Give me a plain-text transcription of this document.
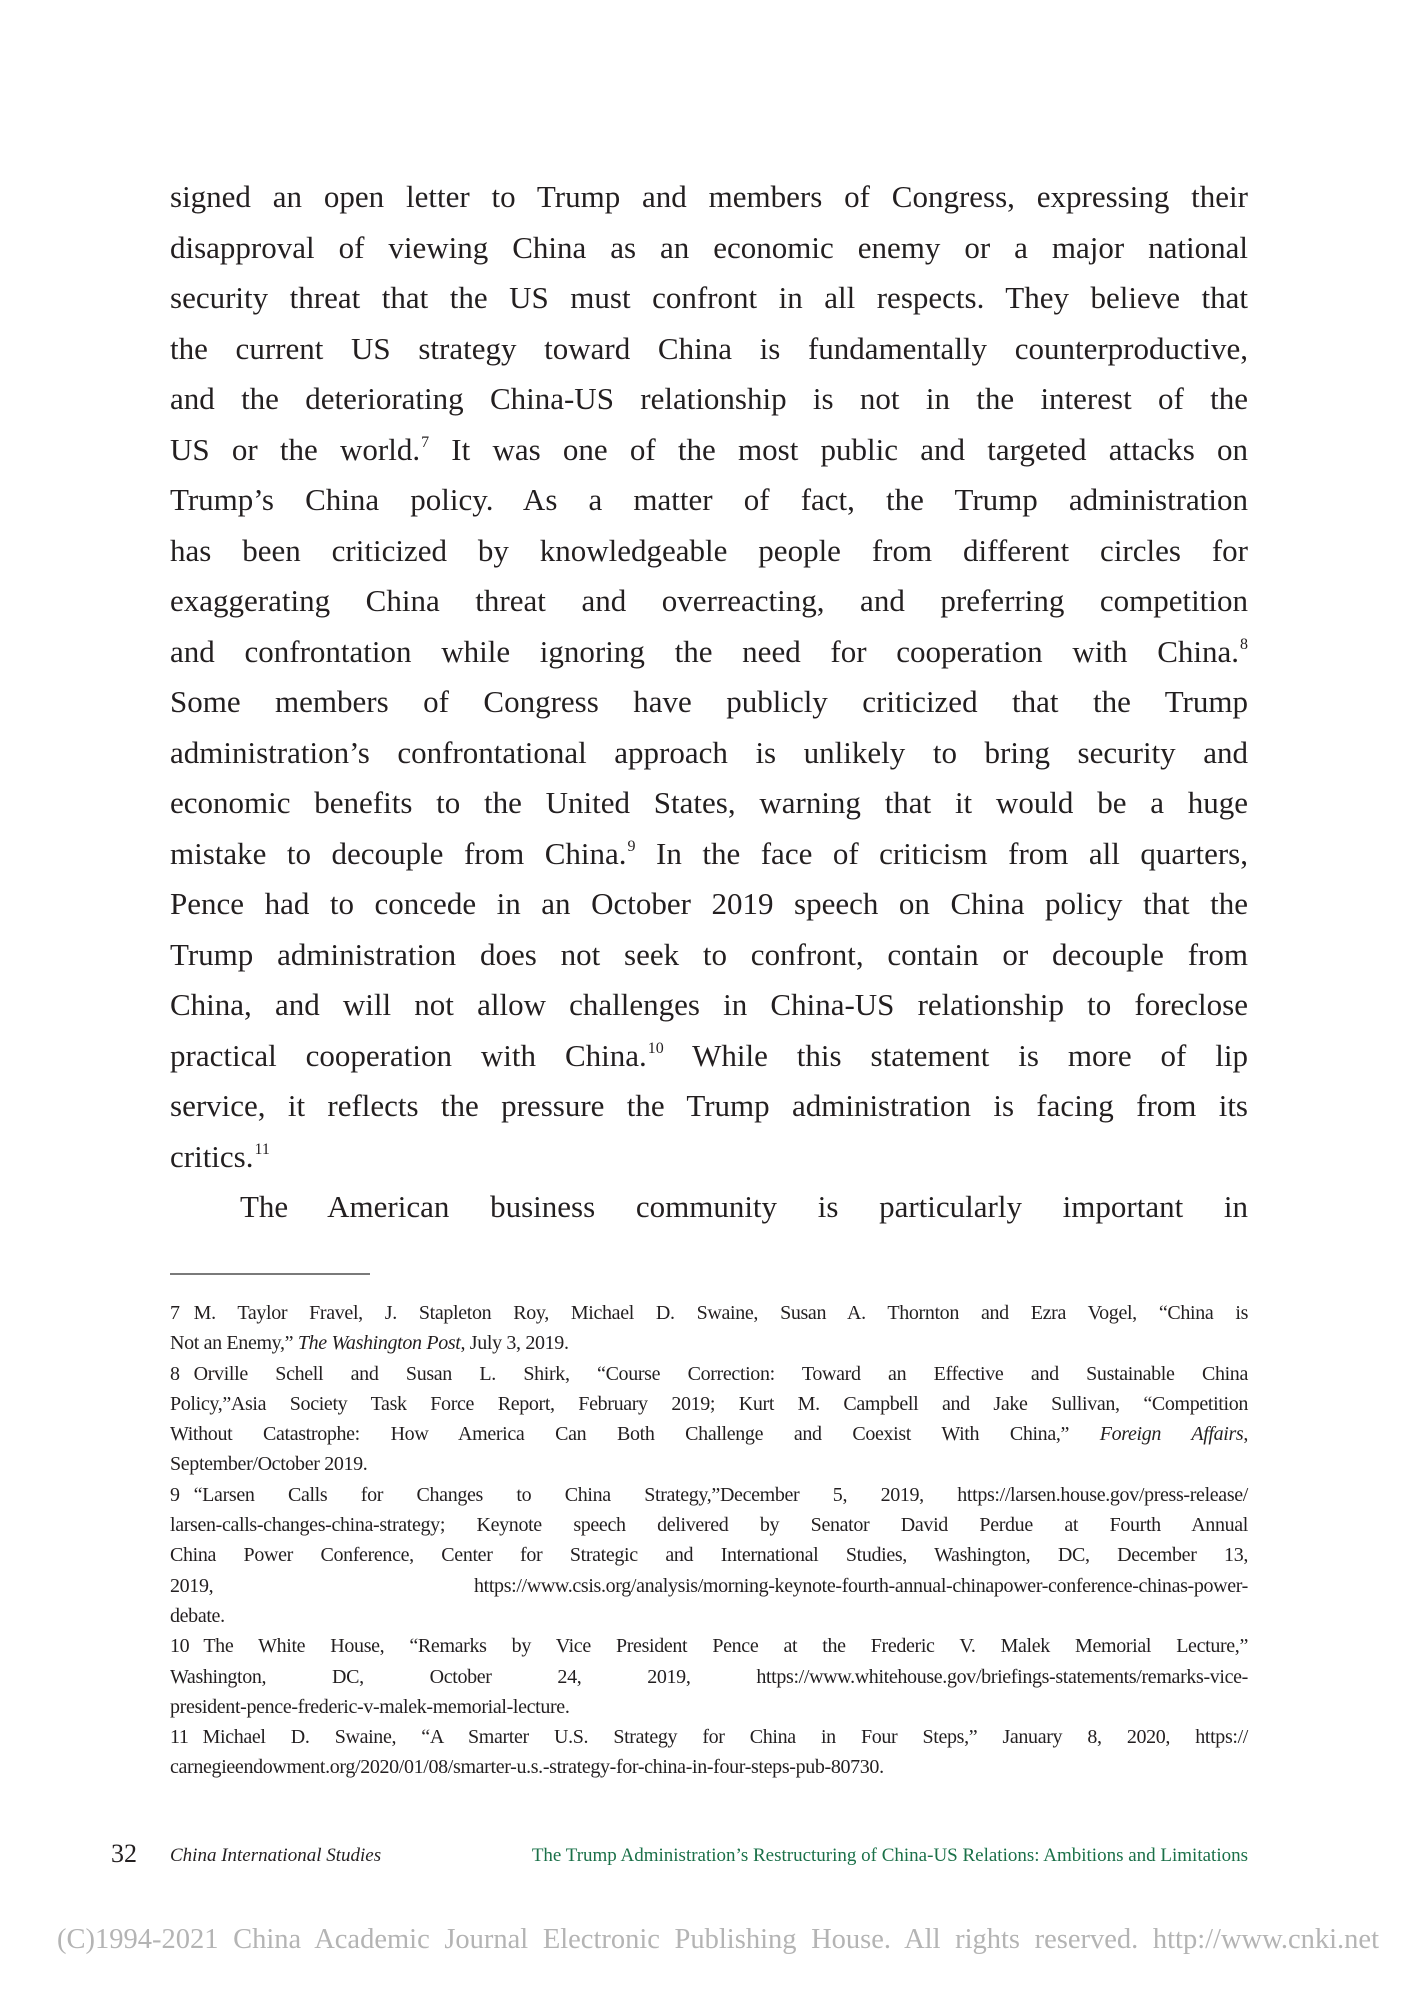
signed an open letter to Trump and members of Congress, expressing their
disapproval of viewing China as an economic enemy or a major national
security threat that the US must confront in all respects. They believe that
the current US strategy toward China is fundamentally counterproductive,
and the deteriorating China-US relationship is not in the interest of the
US or the world.$^7$ It was one of the most public and targeted attacks on
Trump’s China policy. As a matter of fact, the Trump administration
has been criticized by knowledgeable people from different circles for
exaggerating China threat and overreacting, and preferring competition
and confrontation while ignoring the need for cooperation with China.$^8$
Some members of Congress have publicly criticized that the Trump
administration’s confrontational approach is unlikely to bring security and
economic benefits to the United States, warning that it would be a huge
mistake to decouple from China.$^9$ In the face of criticism from all quarters,
Pence had to concede in an October 2019 speech on China policy that the
Trump administration does not seek to confront, contain or decouple from
China, and will not allow challenges in China-US relationship to foreclose
practical cooperation with China.$^{10}$ While this statement is more of lip
service, it reflects the pressure the Trump administration is facing from its
critics.$^{11}$
The American business community is particularly important in
7 M. Taylor Fravel, J. Stapleton Roy, Michael D. Swaine, Susan A. Thornton and Ezra Vogel, “China is
Not an Enemy,” The Washington Post, July 3, 2019.
8 Orville Schell and Susan L. Shirk, “Course Correction: Toward an Effective and Sustainable China
Policy,”Asia Society Task Force Report, February 2019; Kurt M. Campbell and Jake Sullivan, “Competition
Without Catastrophe: How America Can Both Challenge and Coexist With China,” Foreign Affairs,
September/October 2019.
9 “Larsen Calls for Changes to China Strategy,”December 5, 2019, https://larsen.house.gov/press-release/
larsen-calls-changes-china-strategy; Keynote speech delivered by Senator David Perdue at Fourth Annual
China Power Conference, Center for Strategic and International Studies, Washington, DC, December 13,
2019, https://www.csis.org/analysis/morning-keynote-fourth-annual-chinapower-conference-chinas-power-
debate.
10 The White House, “Remarks by Vice President Pence at the Frederic V. Malek Memorial Lecture,”
Washington, DC, October 24, 2019, https://www.whitehouse.gov/briefings-statements/remarks-vice-
president-pence-frederic-v-malek-memorial-lecture.
11 Michael D. Swaine, “A Smarter U.S. Strategy for China in Four Steps,” January 8, 2020, https://
carnegieendowment.org/2020/01/08/smarter-u.s.-strategy-for-china-in-four-steps-pub-80730.
32 China International Studies	The Trump Administration’s Restructuring of China-US Relations: Ambitions and Limitations
(C)1994-2021 China Academic Journal Electronic Publishing House. All rights reserved. http://www.cnki.net
